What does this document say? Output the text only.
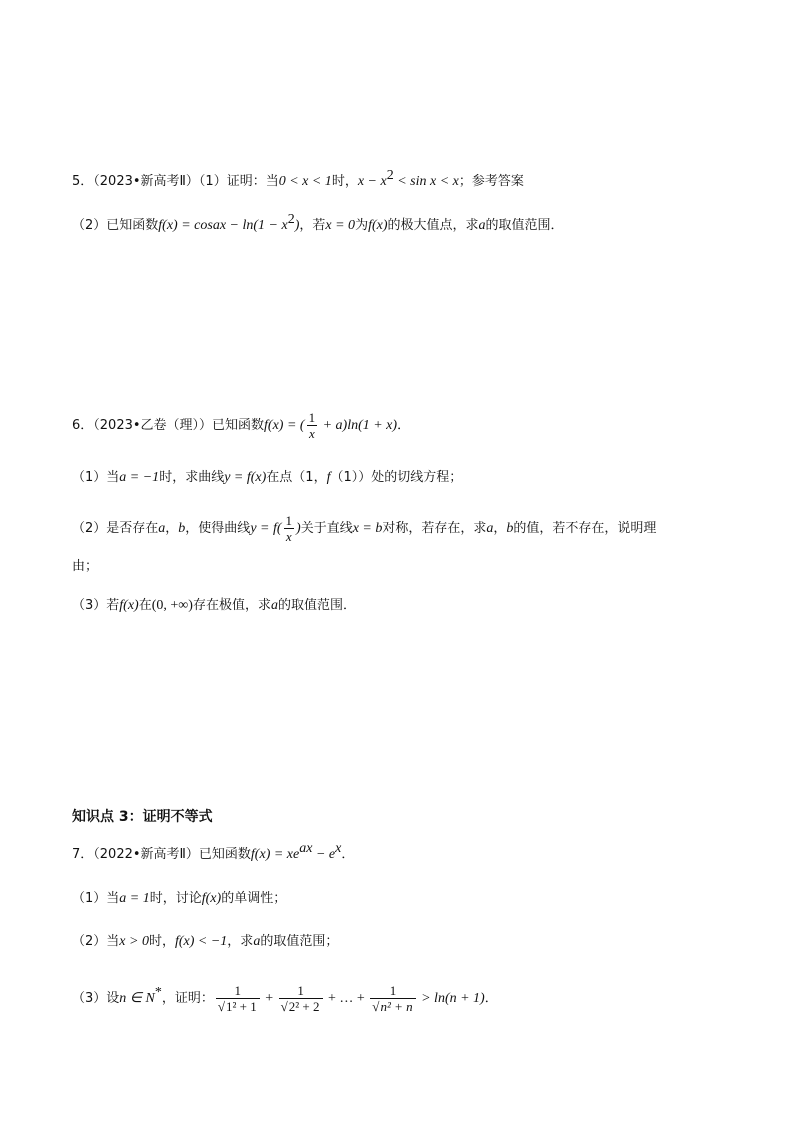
5．（2023•新高考Ⅱ）（1）证明：当0 < x < 1时，$x - x^2 < \sin x < x$；参考答案
（2）已知函数f(x) = cosax − $\ln(1 - x^2)$，若x = 0为f(x)的极大值点，求a的取值范围．
6．（2023•乙卷（理））已知函数f(x) = ( $\frac{1}{x} + a)\ln(1 + x)$．
（1）当a = −1时，求曲线y = f(x)在点（1，f（1））处的切线方程；
（2）是否存在a，b，使得曲线$y = f( \frac{1}{x}$ )关于直线x = b对称，若存在，求a，b的值，若不存在，说明理
由；
（3）若f(x)在(0, +∞)存在极值，求a的取值范围．
知识点 3：证明不等式
7．（2022•新高考Ⅱ）已知函数$f(x) = xe^{ax} - e^x$．
（1）当a = 1时，讨论f(x)的单调性；
（2）当x > 0时，f(x) < −1，求a的取值范围；
（3）设n ∈ N*，证明： $\frac{1}{\text{√1² + 1}} + \frac{1}{\text{√2² + 2}}$ + … + $\frac{1}{\text{√n² + n}} > \ln(n + 1)$．
